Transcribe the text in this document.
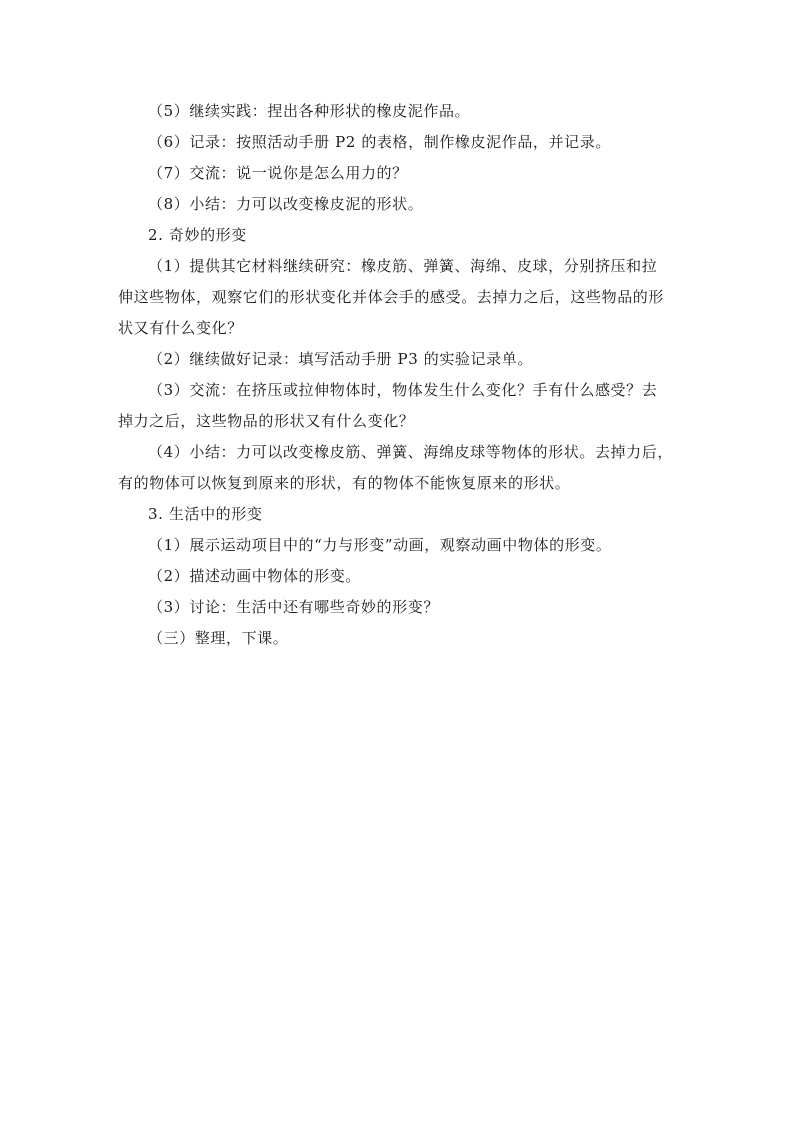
（5）继续实践：捏出各种形状的橡皮泥作品。
（6）记录：按照活动手册 P2 的表格，制作橡皮泥作品，并记录。
（7）交流：说一说你是怎么用力的？
（8）小结：力可以改变橡皮泥的形状。
2. 奇妙的形变
（1）提供其它材料继续研究：橡皮筋、弹簧、海绵、皮球，分别挤压和拉
伸这些物体，观察它们的形状变化并体会手的感受。去掉力之后，这些物品的形
状又有什么变化？
（2）继续做好记录：填写活动手册 P3 的实验记录单。
（3）交流：在挤压或拉伸物体时，物体发生什么变化？手有什么感受？去
掉力之后，这些物品的形状又有什么变化？
（4）小结：力可以改变橡皮筋、弹簧、海绵皮球等物体的形状。去掉力后，
有的物体可以恢复到原来的形状，有的物体不能恢复原来的形状。
3. 生活中的形变
（1）展示运动项目中的“力与形变”动画，观察动画中物体的形变。
（2）描述动画中物体的形变。
（3）讨论：生活中还有哪些奇妙的形变？
（三）整理，下课。
